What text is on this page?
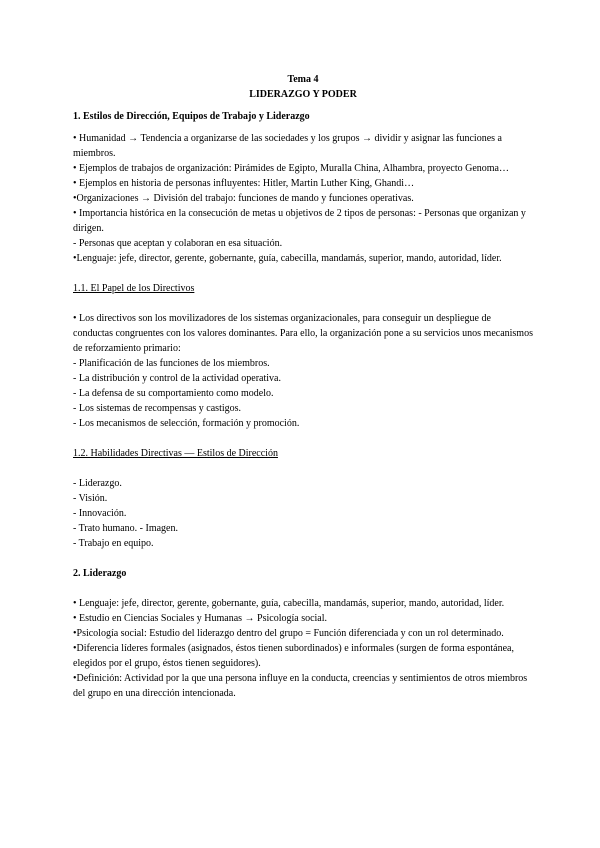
Tema 4

LIDERAZGO Y PODER

1. Estilos de Dirección, Equipos de Trabajo y Liderazgo

• Humanidad → Tendencia a organizarse de las sociedades y los grupos → dividir y asignar las funciones a miembros.

• Ejemplos de trabajos de organización: Pirámides de Egipto, Muralla China, Alhambra, proyecto Genoma…

• Ejemplos en historia de personas influyentes: Hitler, Martin Luther King, Ghandi…

•Organizaciones → División del trabajo: funciones de mando y funciones operativas.

• Importancia histórica en la consecución de metas u objetivos de 2 tipos de personas: - Personas que organizan y dirigen.

- Personas que aceptan y colaboran en esa situación.

•Lenguaje: jefe, director, gerente, gobernante, guía, cabecilla, mandamás, superior, mando, autoridad, líder.

1.1. El Papel de los Directivos

• Los directivos son los movilizadores de los sistemas organizacionales, para conseguir un despliegue de conductas congruentes con los valores dominantes. Para ello, la organización pone a su servicios unos mecanismos de reforzamiento primario:

- Planificación de las funciones de los miembros.

- La distribución y control de la actividad operativa.

- La defensa de su comportamiento como modelo.

- Los sistemas de recompensas y castigos.

- Los mecanismos de selección, formación y promoción.

1.2. Habilidades Directivas — Estilos de Dirección

- Liderazgo.

- Visión.

- Innovación.

- Trato humano. - Imagen.

- Trabajo en equipo.

2. Liderazgo

• Lenguaje: jefe, director, gerente, gobernante, guía, cabecilla, mandamás, superior, mando, autoridad, líder.

• Estudio en Ciencias Sociales y Humanas → Psicología social.

•Psicología social: Estudio del liderazgo dentro del grupo = Función diferenciada y con un rol determinado.

•Diferencia líderes formales (asignados, éstos tienen subordinados) e informales (surgen de forma espontánea, elegidos por el grupo, éstos tienen seguidores).

•Definición: Actividad por la que una persona influye en la conducta, creencias y sentimientos de otros miembros del grupo en una dirección intencionada.
